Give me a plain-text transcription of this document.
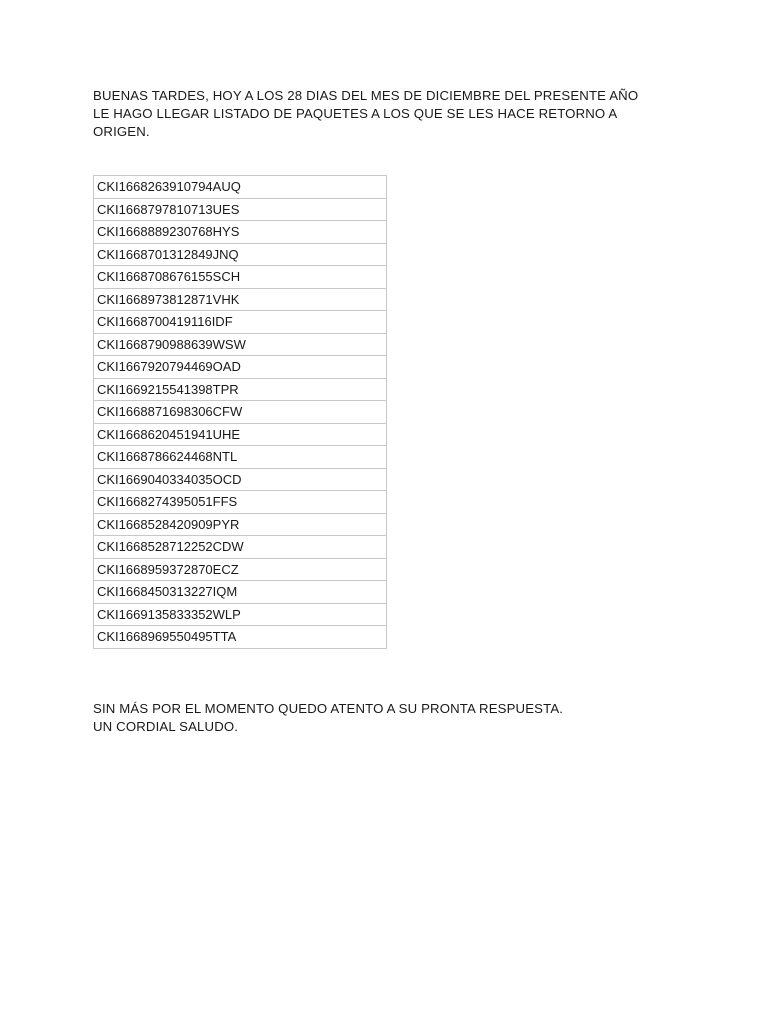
BUENAS TARDES, HOY A LOS 28 DIAS DEL MES DE DICIEMBRE DEL PRESENTE AÑO
LE HAGO LLEGAR LISTADO DE PAQUETES A LOS QUE SE LES HACE RETORNO A
ORIGEN.

CKI1668263910794AUQ
CKI1668797810713UES
CKI1668889230768HYS
CKI1668701312849JNQ
CKI1668708676155SCH
CKI1668973812871VHK
CKI1668700419116IDF
CKI1668790988639WSW
CKI1667920794469OAD
CKI1669215541398TPR
CKI1668871698306CFW
CKI1668620451941UHE
CKI1668786624468NTL
CKI1669040334035OCD
CKI1668274395051FFS
CKI1668528420909PYR
CKI1668528712252CDW
CKI1668959372870ECZ
CKI1668450313227IQM
CKI1669135833352WLP
CKI1668969550495TTA

SIN MÁS POR EL MOMENTO QUEDO ATENTO A SU PRONTA RESPUESTA.
UN CORDIAL SALUDO.
